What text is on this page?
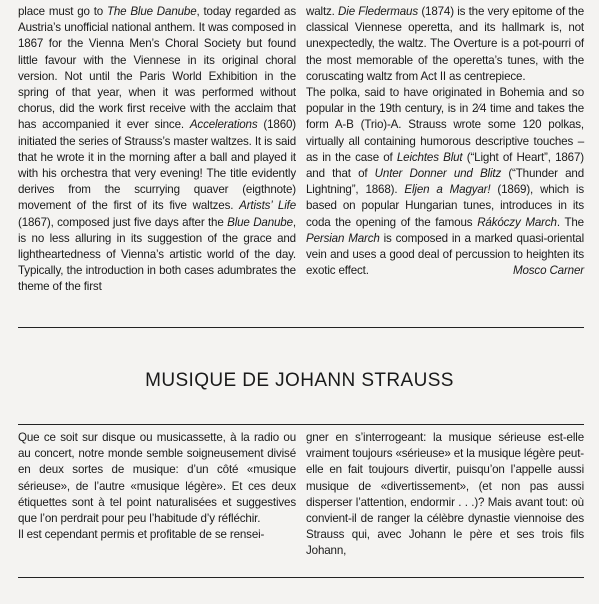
place must go to The Blue Danube, today regarded as Austria’s unofficial national anthem. It was composed in 1867 for the Vienna Men’s Choral Society but found little favour with the Viennese in its original choral version. Not until the Paris World Exhibition in the spring of that year, when it was performed without chorus, did the work first receive with the acclaim that has accompanied it ever since. Accelerations (1860) initiated the series of Strauss’s master waltzes. It is said that he wrote it in the morning after a ball and played it with his orchestra that very evening! The title evidently derives from the scurrying quaver (eigthnote) movement of the first of its five waltzes. Artists’ Life (1867), composed just five days after the Blue Danube, is no less alluring in its suggestion of the grace and lightheartedness of Vienna’s artistic world of the day. Typically, the introduction in both cases adumbrates the theme of the first

waltz. Die Fledermaus (1874) is the very epitome of the classical Viennese operetta, and its hallmark is, not unexpectedly, the waltz. The Overture is a pot-pourri of the most memorable of the operetta’s tunes, with the coruscating waltz from Act II as centrepiece.

The polka, said to have originated in Bohemia and so popular in the 19th century, is in 2⁄4 time and takes the form A-B (Trio)-A. Strauss wrote some 120 polkas, virtually all containing humorous descriptive touches – as in the case of Leichtes Blut (“Light of Heart”, 1867) and that of Unter Donner und Blitz (“Thunder and Lightning”, 1868). Eljen a Magyar! (1869), which is based on popular Hungarian tunes, introduces in its coda the opening of the famous Rákóczy March. The Persian March is composed in a marked quasi-oriental vein and uses a good deal of percussion to heighten its exotic effect.	Mosco Carner

MUSIQUE DE JOHANN STRAUSS

Que ce soit sur disque ou musicassette, à la radio ou au concert, notre monde semble soigneusement divisé en deux sortes de musique: d’un côté «musique sérieuse», de l’autre «musique légère». Et ces deux étiquettes sont à tel point naturalisées et suggestives que l’on perdrait pour peu l’habitude d’y réfléchir.

Il est cependant permis et profitable de se rensei-

gner en s’interrogeant: la musique sérieuse est-elle vraiment toujours «sérieuse» et la musique légère peut-elle en fait toujours divertir, puisqu’on l’appelle aussi musique de «divertissement», (et non pas aussi disperser l’attention, endormir . . .)? Mais avant tout: où convient-il de ranger la célèbre dynastie viennoise des Strauss qui, avec Johann le père et ses trois fils Johann,
